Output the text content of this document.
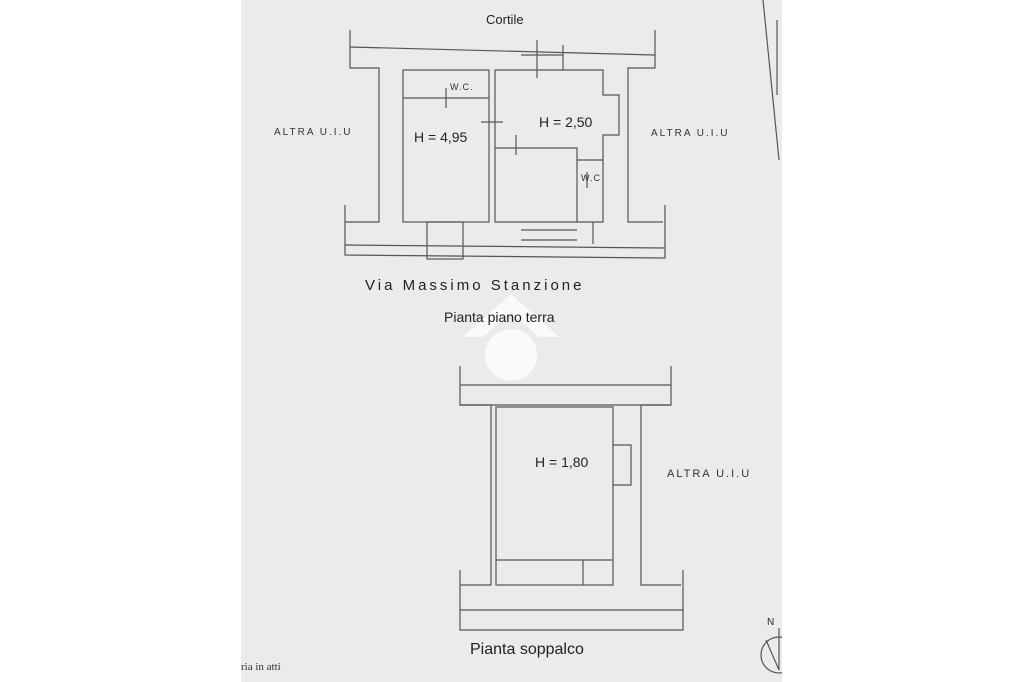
Cortile
ALTRA U.I.U	ALTRA U.I.U
W.C.
W.C
H = 4,95
H = 2,50
Via Massimo Stanzione
Pianta piano terra
H = 1,80
ALTRA U.I.U
Pianta soppalco
ria in atti
N
